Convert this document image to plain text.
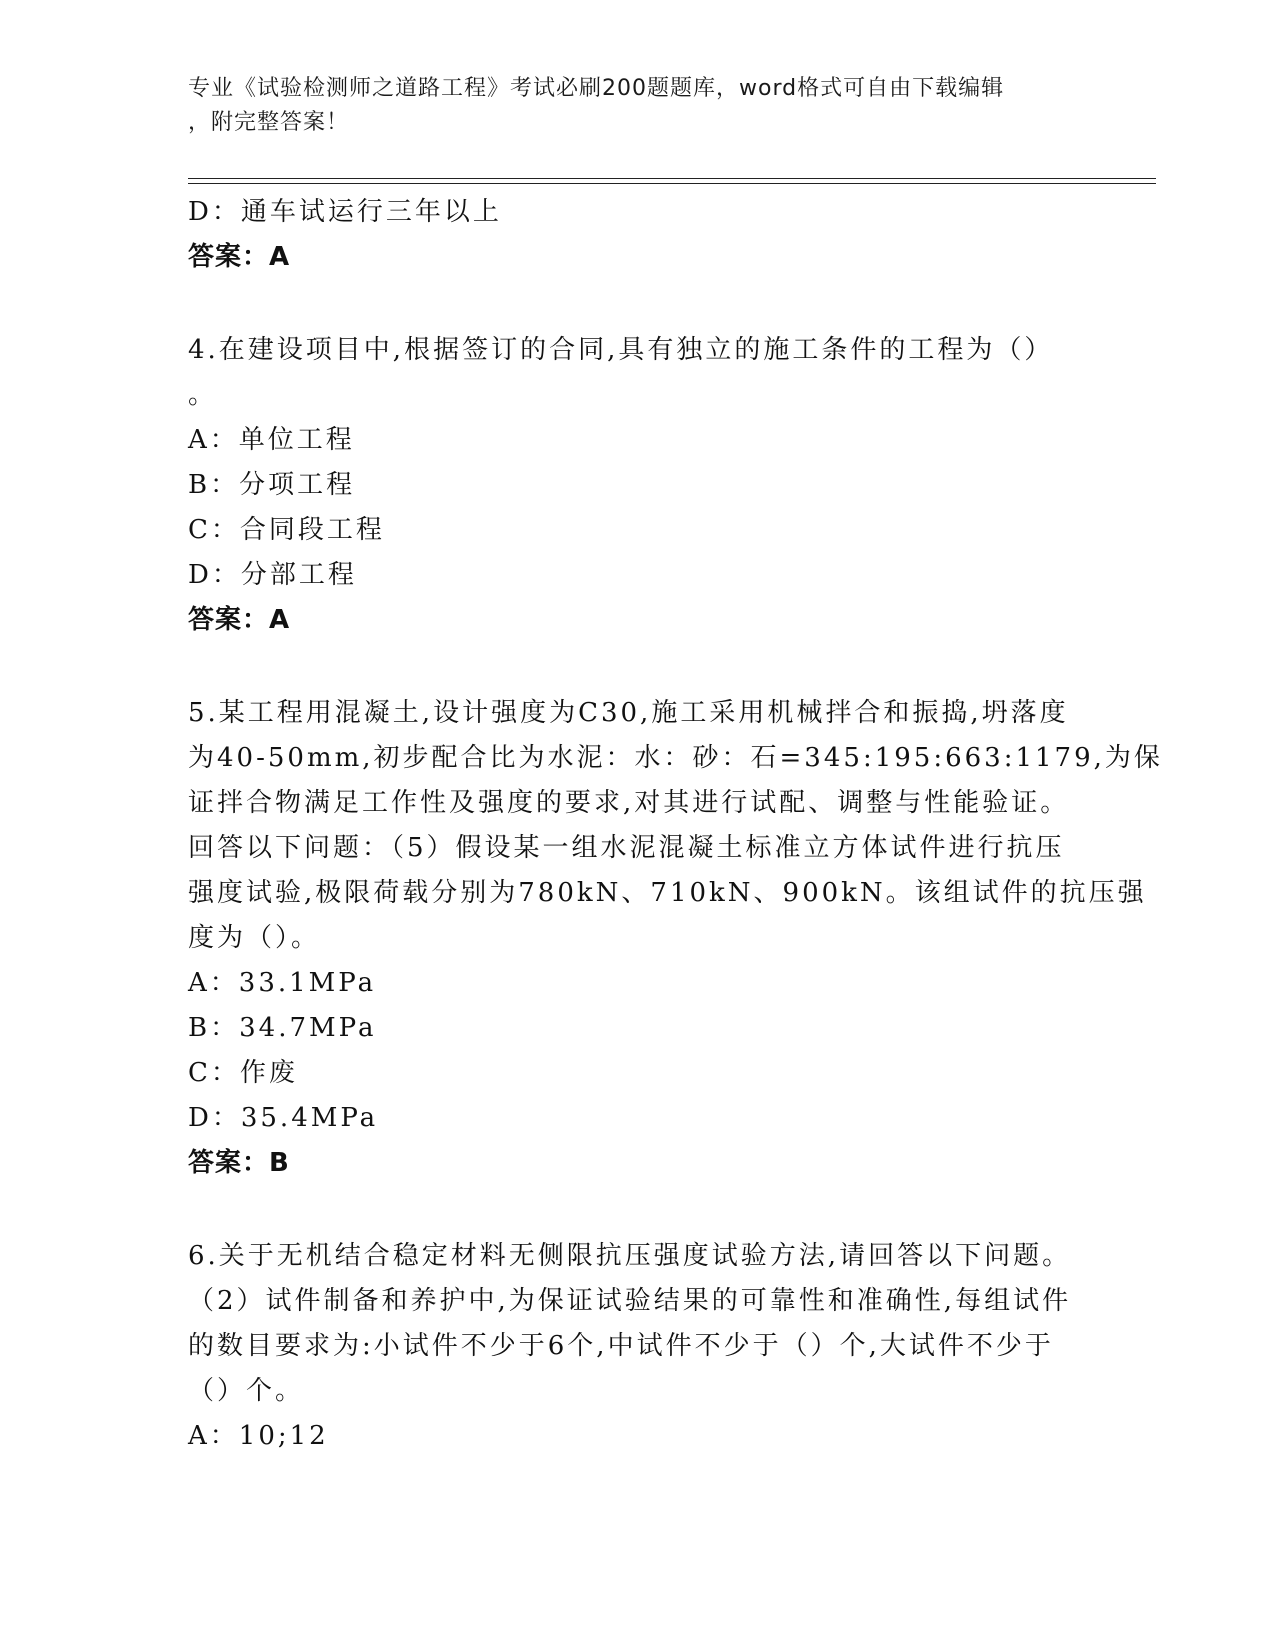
专业《试验检测师之道路工程》考试必刷200题题库，word格式可自由下载编辑
，附完整答案！
D：通车试运行三年以上
答案：A
4.在建设项目中,根据签订的合同,具有独立的施工条件的工程为（）
。
A：单位工程
B：分项工程
C：合同段工程
D：分部工程
答案：A
5.某工程用混凝土,设计强度为C30,施工采用机械拌合和振捣,坍落度
为40-50mm,初步配合比为水泥：水：砂：石=345:195:663:1179,为保
证拌合物满足工作性及强度的要求,对其进行试配、调整与性能验证。
回答以下问题：（5）假设某一组水泥混凝土标准立方体试件进行抗压
强度试验,极限荷载分别为780kN、710kN、900kN。该组试件的抗压强
度为（）。
A：33.1MPa
B：34.7MPa
C：作废
D：35.4MPa
答案：B
6.关于无机结合稳定材料无侧限抗压强度试验方法,请回答以下问题。
（2）试件制备和养护中,为保证试验结果的可靠性和准确性,每组试件
的数目要求为:小试件不少于6个,中试件不少于（）个,大试件不少于
（）个。
A：10;12
